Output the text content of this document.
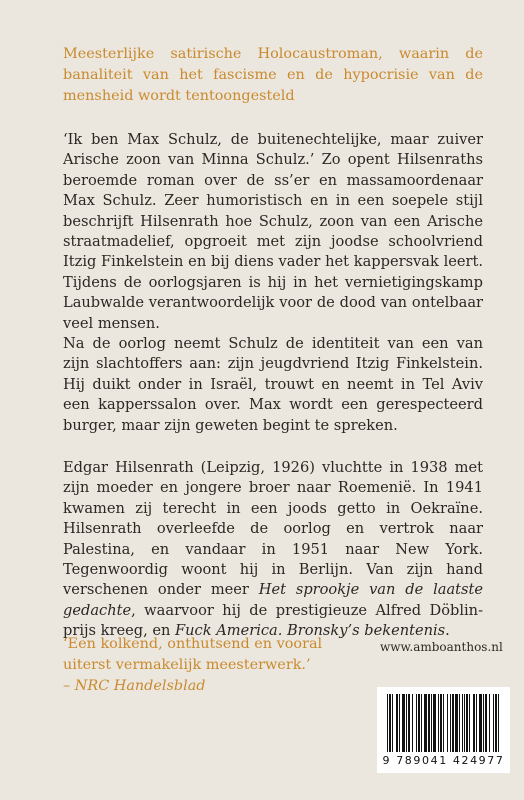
Meesterlijke satirische Holocaustroman, waarin de banaliteit van het fascisme en de hypocrisie van de mensheid wordt tentoongesteld

‘Ik ben Max Schulz, de buitenechtelijke, maar zuiver Arische zoon van Minna Schulz.’ Zo opent Hilsenraths beroemde roman over de ss’er en massamoordenaar Max Schulz. Zeer humoristisch en in een soepele stijl beschrijft Hilsenrath hoe Schulz, zoon van een Arische straatmadelief, opgroeit met zijn joodse schoolvriend Itzig Finkelstein en bij diens vader het kappersvak leert. Tijdens de oorlogsjaren is hij in het vernietigingskamp Laubwalde verantwoordelijk voor de dood van ontelbaar veel mensen.

Na de oorlog neemt Schulz de identiteit van een van zijn slachtoffers aan: zijn jeugdvriend Itzig Finkelstein. Hij duikt onder in Israël, trouwt en neemt in Tel Aviv een kapperssalon over. Max wordt een gerespecteerd burger, maar zijn geweten begint te spreken.

Edgar Hilsenrath (Leipzig, 1926) vluchtte in 1938 met zijn moeder en jongere broer naar Roemenië. In 1941 kwamen zij terecht in een joods getto in Oekraïne. Hilsenrath overleefde de oorlog en vertrok naar Palestina, en vandaar in 1951 naar New York. Tegenwoordig woont hij in Berlijn. Van zijn hand verschenen onder meer Het sprookje van de laatste gedachte, waarvoor hij de prestigieuze Alfred Döblin-prijs kreeg, en Fuck America. Bronsky’s bekentenis.

‘Een kolkend, onthutsend en vooral uiterst vermakelijk meesterwerk.’
– NRC Handelsblad
www.amboanthos.nl
9 789041 424977
